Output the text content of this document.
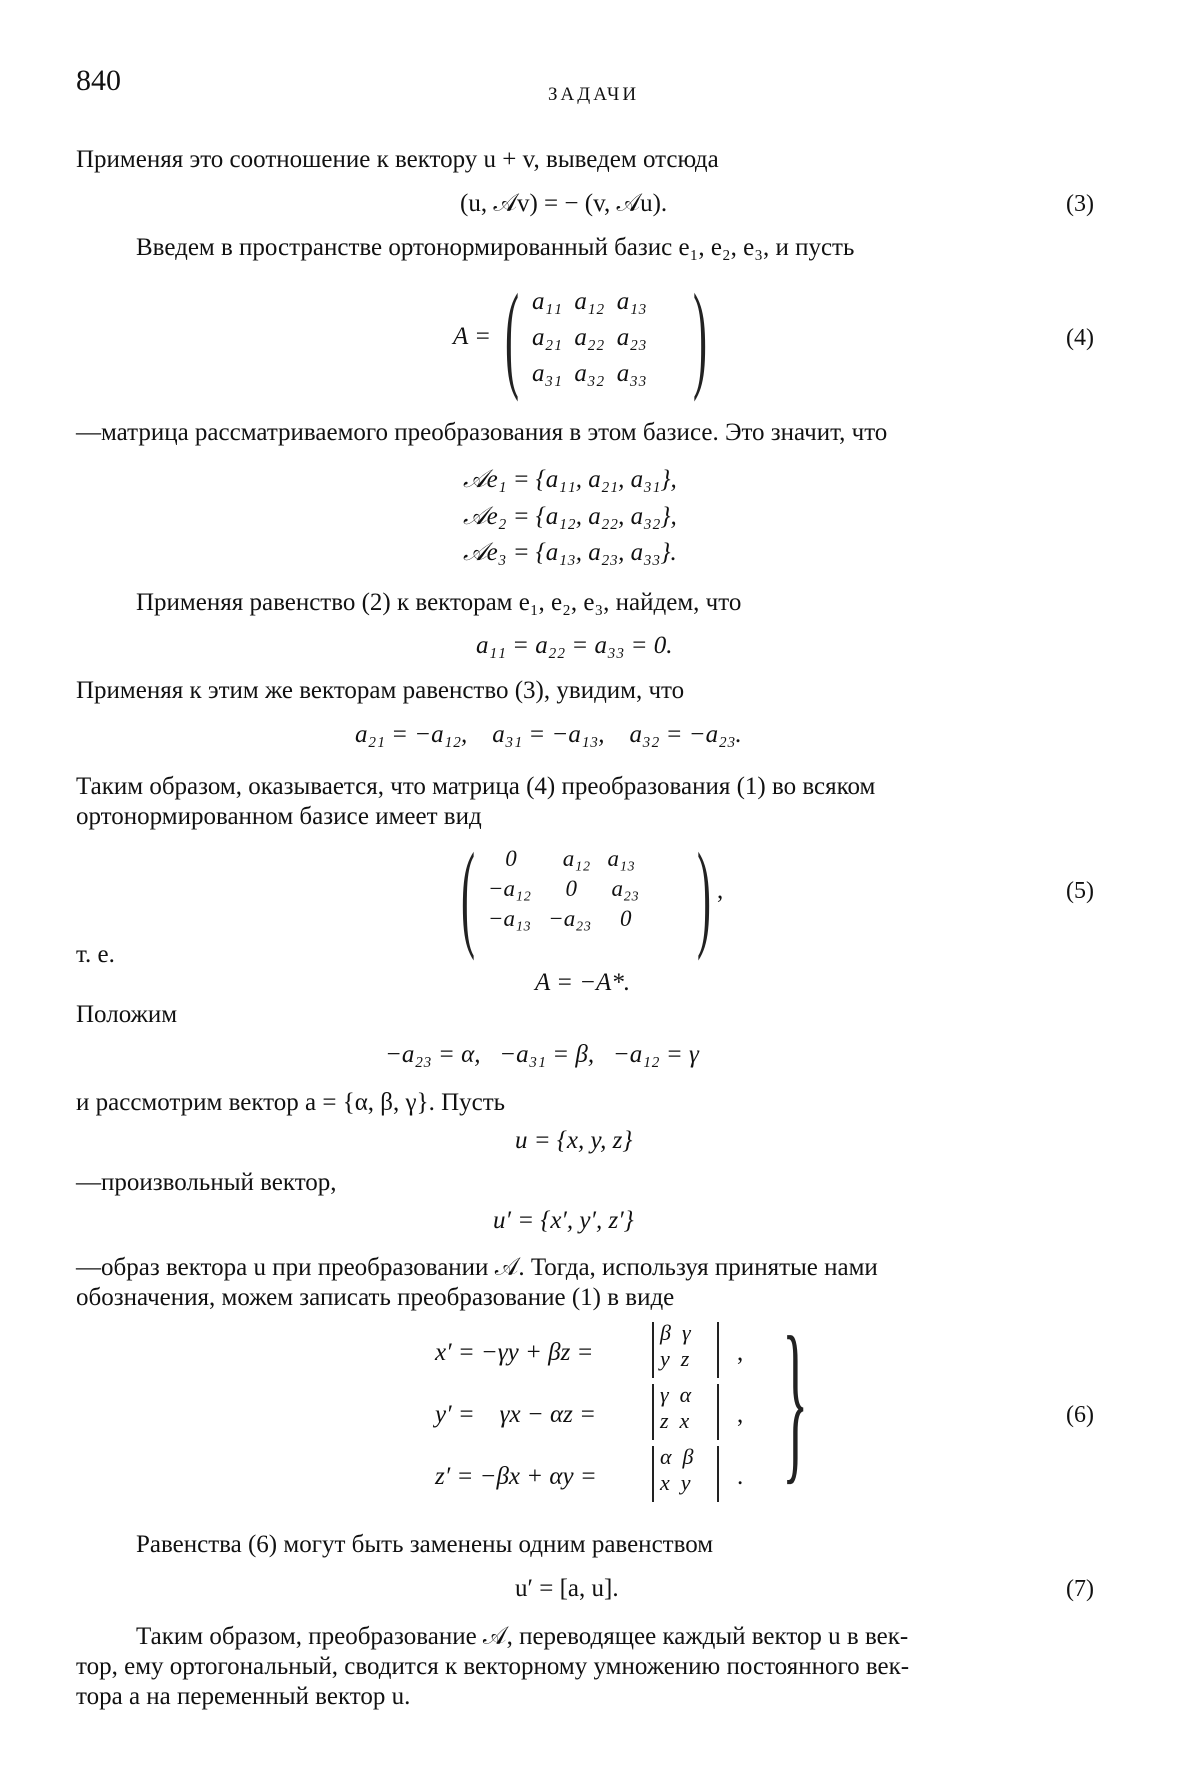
840	ЗАДАЧИ
Применяя это соотношение к вектору u + v, выведем отсюда
(u, 𝒜v) = − (v, 𝒜u).	(3)
Введем в пространстве ортонормированный базис e₁, e₂, e₃, и пусть
A = ( a₁₁  a₁₂  a₁₃
a₂₁  a₂₂  a₂₃
a₃₁  a₃₂  a₃₃ )	(4)
—матрица рассматриваемого преобразования в этом базисе. Это значит, что
𝒜e₁ = {a₁₁, a₂₁, a₃₁},
𝒜e₂ = {a₁₂, a₂₂, a₃₂},
𝒜e₃ = {a₁₃, a₂₃, a₃₃}.
Применяя равенство (2) к векторам e₁, e₂, e₃, найдем, что
a₁₁ = a₂₂ = a₃₃ = 0.
Применяя к этим же векторам равенство (3), увидим, что
a₂₁ = −a₁₂,    a₃₁ = −a₁₃,    a₃₂ = −a₂₃.
Таким образом, оказывается, что матрица (4) преобразования (1) во всяком
ортонормированном базисе имеет вид
( 0        a₁₂   a₁₃
−a₁₂      0      a₂₃
−a₁₃   −a₂₃     0 ) ,	(5)
т. е.
A = −A*.
Положим
−a₂₃ = α,   −a₃₁ = β,   −a₁₂ = γ
и рассмотрим вектор a = {α, β, γ}. Пусть
u = {x, y, z}
—произвольный вектор,
u′ = {x′, y′, z′}
—образ вектора u при преобразовании 𝒜. Тогда, используя принятые нами
обозначения, можем записать преобразование (1) в виде
x′ = −γy + βz =
β  γ
y  z ,
y′ =    γx − αz =
γ  α
z  x ,
z′ = −βx + αy =
α  β
x  y . }	(6)
Равенства (6) могут быть заменены одним равенством
u′ = [a, u].	(7)
Таким образом, преобразование 𝒜, переводящее каждый вектор u в век-
тор, ему ортогональный, сводится к векторному умножению постоянного век-
тора a на переменный вектор u.
